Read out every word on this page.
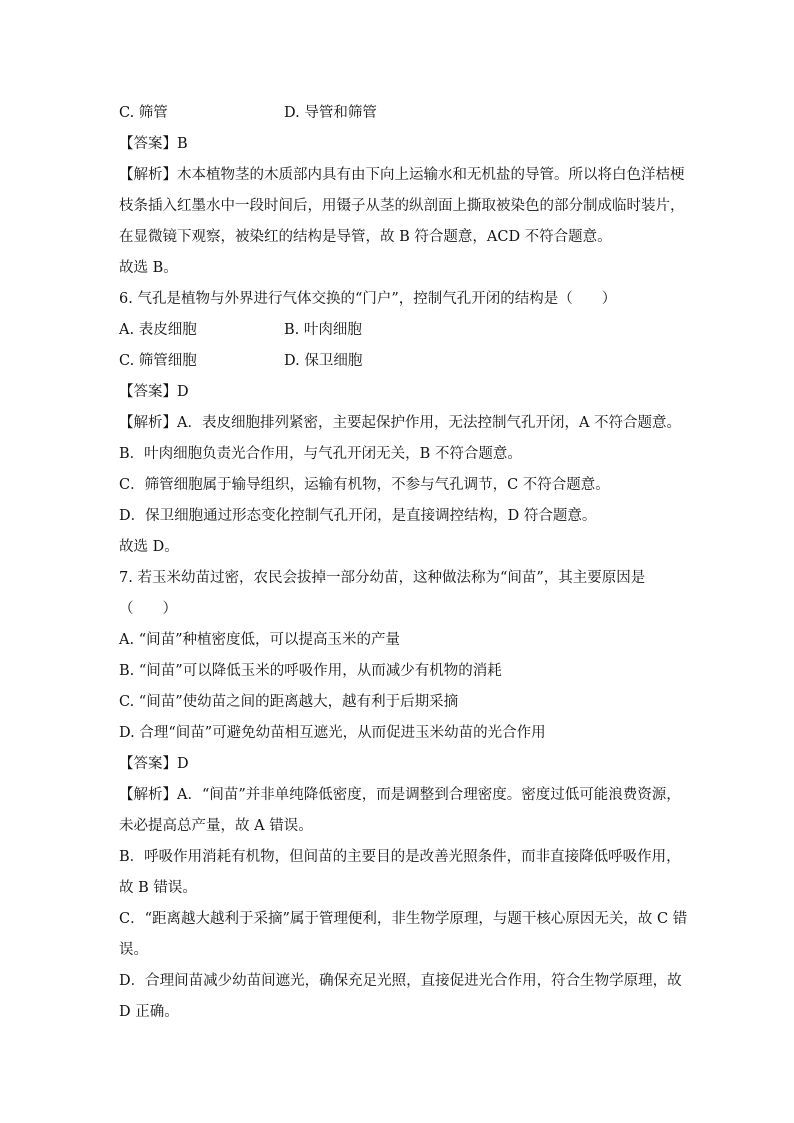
C. 筛管	D. 导管和筛管
【答案】B
【解析】木本植物茎的木质部内具有由下向上运输水和无机盐的导管。所以将白色洋桔梗
枝条插入红墨水中一段时间后，用镊子从茎的纵剖面上撕取被染色的部分制成临时装片，
在显微镜下观察，被染红的结构是导管，故 B 符合题意，ACD 不符合题意。
故选 B。
6. 气孔是植物与外界进行气体交换的“门户”，控制气孔开闭的结构是（　　）
A. 表皮细胞	B. 叶肉细胞
C. 筛管细胞	D. 保卫细胞
【答案】D
【解析】A．表皮细胞排列紧密，主要起保护作用，无法控制气孔开闭，A 不符合题意。
B．叶肉细胞负责光合作用，与气孔开闭无关，B 不符合题意。
C．筛管细胞属于输导组织，运输有机物，不参与气孔调节，C 不符合题意。
D．保卫细胞通过形态变化控制气孔开闭，是直接调控结构，D 符合题意。
故选 D。
7. 若玉米幼苗过密，农民会拔掉一部分幼苗，这种做法称为“间苗”，其主要原因是
（　　）
A. “间苗”种植密度低，可以提高玉米的产量
B. “间苗”可以降低玉米的呼吸作用，从而减少有机物的消耗
C. “间苗”使幼苗之间的距离越大，越有利于后期采摘
D. 合理“间苗”可避免幼苗相互遮光，从而促进玉米幼苗的光合作用
【答案】D
【解析】A．“间苗”并非单纯降低密度，而是调整到合理密度。密度过低可能浪费资源，
未必提高总产量，故 A 错误。
B．呼吸作用消耗有机物，但间苗的主要目的是改善光照条件，而非直接降低呼吸作用，
故 B 错误。
C．“距离越大越利于采摘”属于管理便利，非生物学原理，与题干核心原因无关，故 C 错
误。
D．合理间苗减少幼苗间遮光，确保充足光照，直接促进光合作用，符合生物学原理，故
D 正确。
